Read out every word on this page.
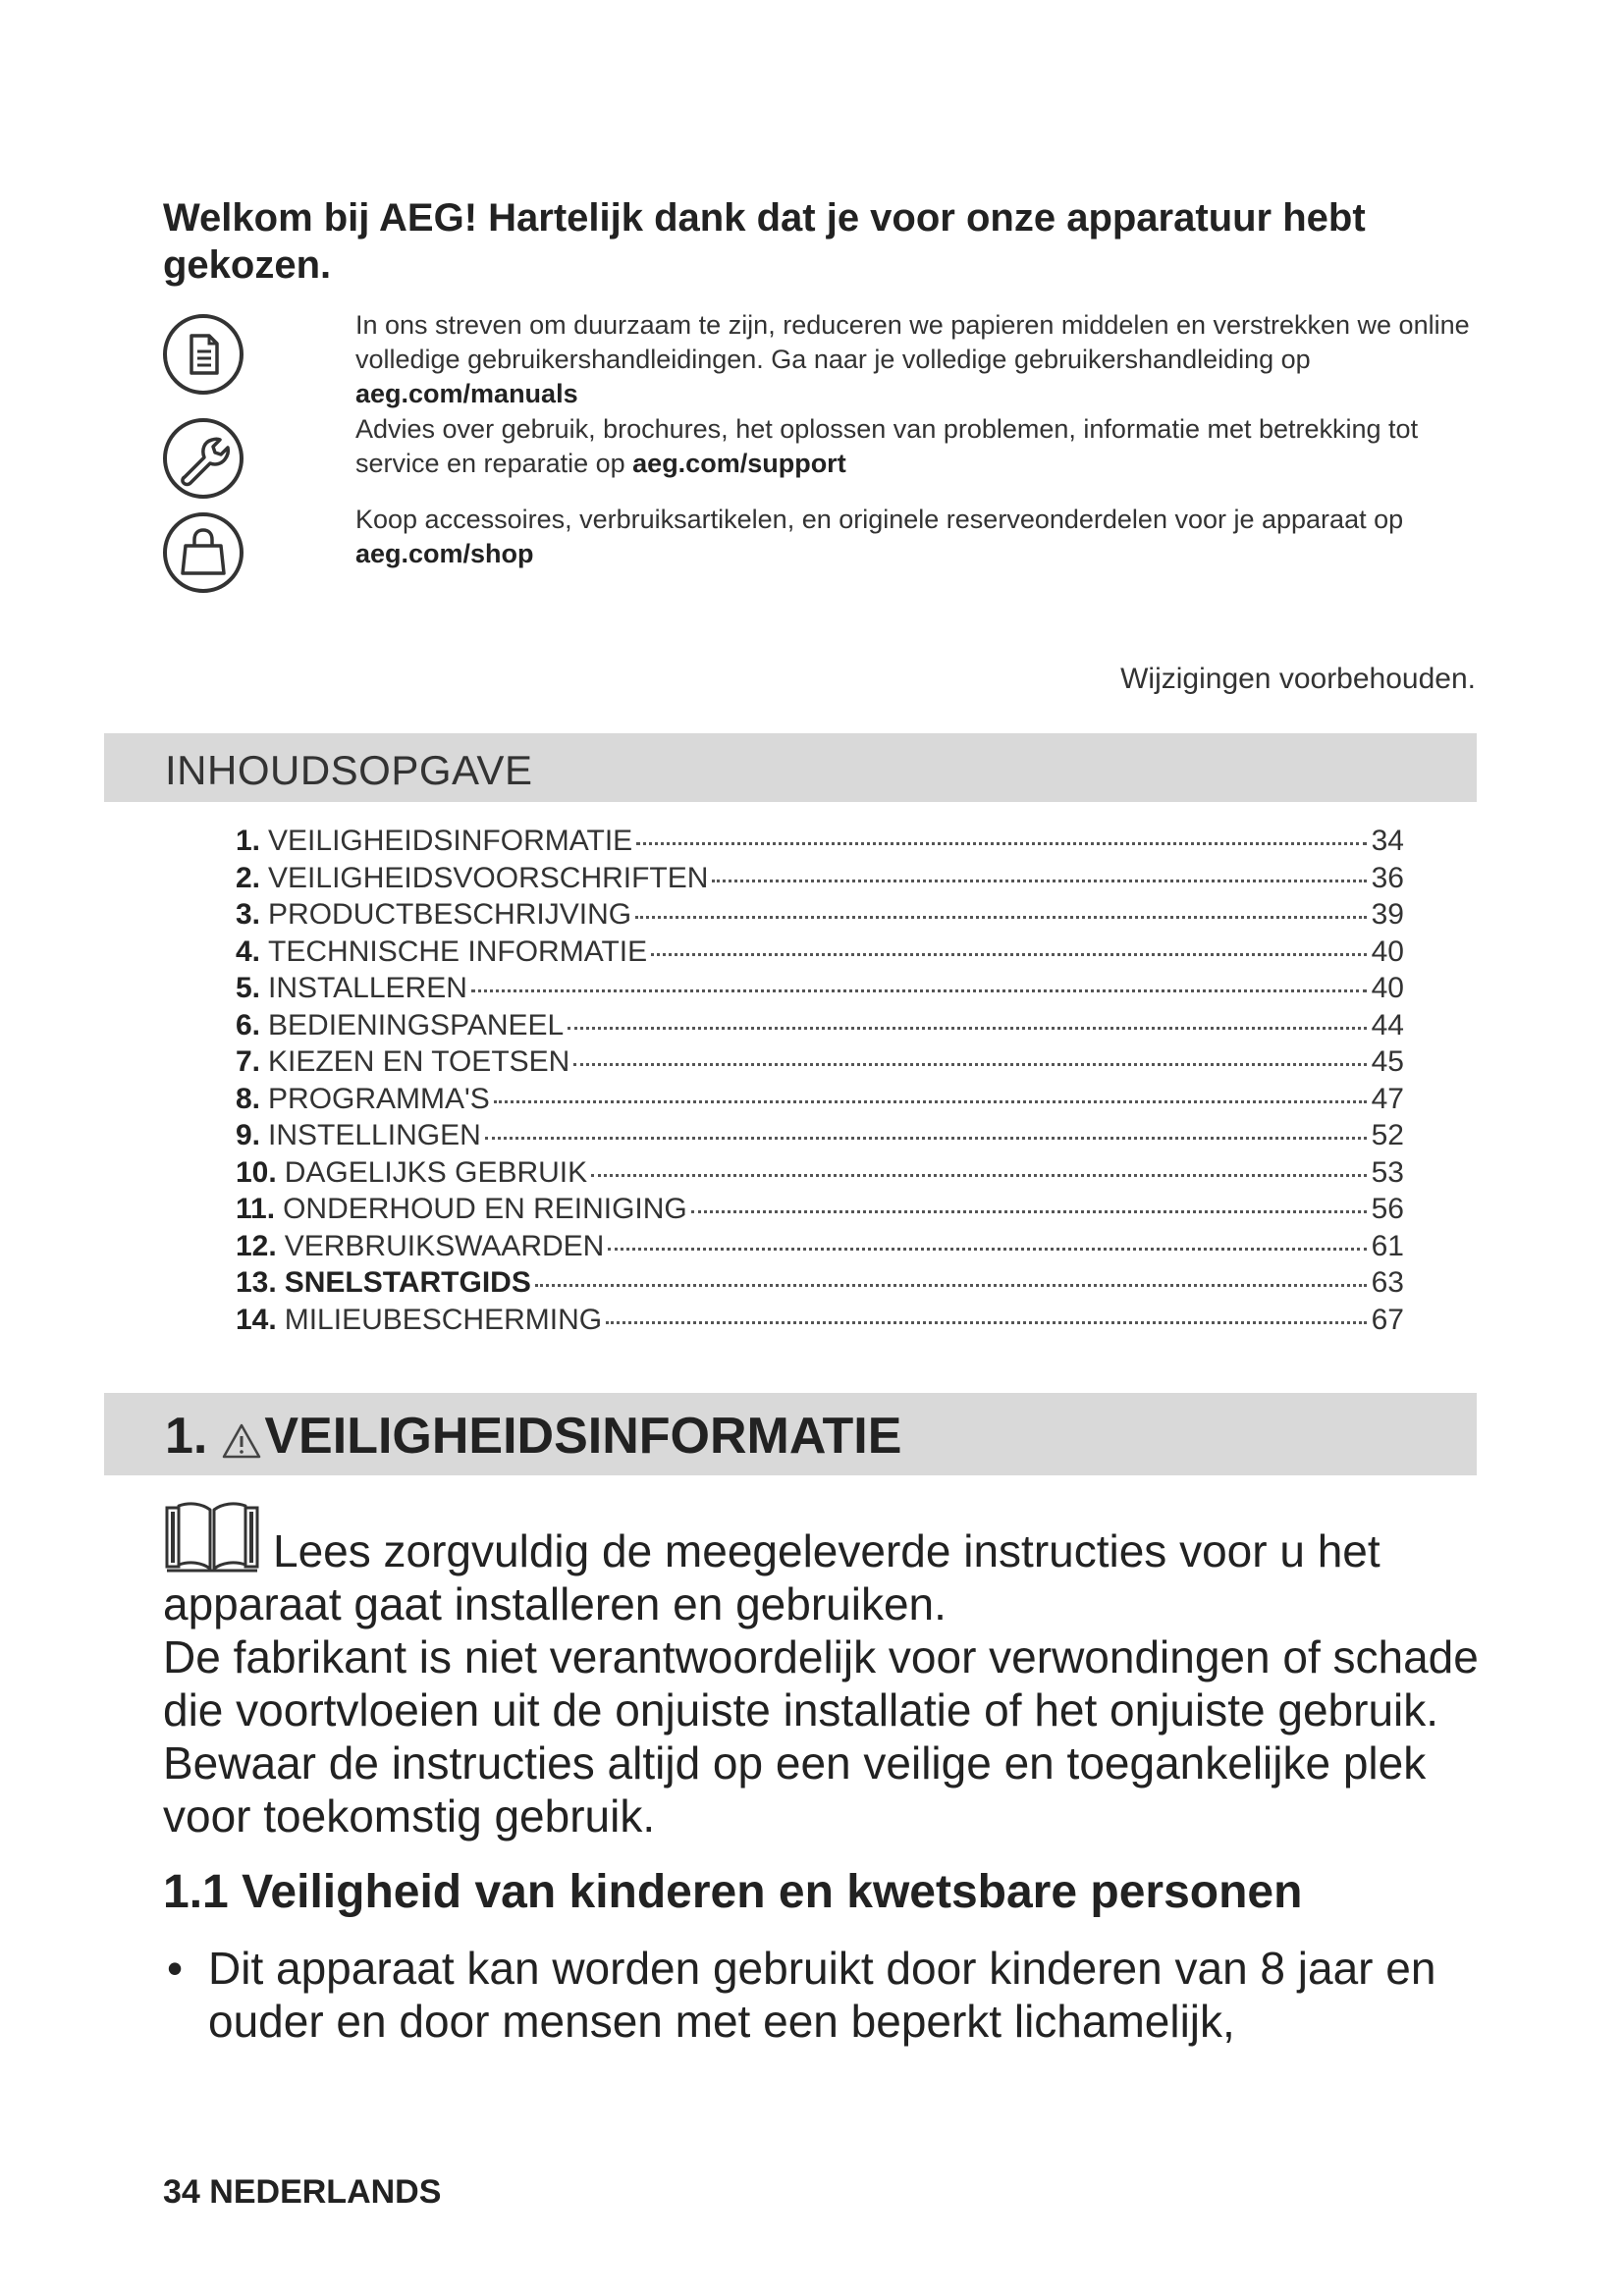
Welkom bij AEG! Hartelijk dank dat je voor onze apparatuur hebt gekozen.
In ons streven om duurzaam te zijn, reduceren we papieren middelen en verstrekken we online volledige gebruikershandleidingen. Ga naar je volledige gebruikershandleiding op aeg.com/manuals
Advies over gebruik, brochures, het oplossen van problemen, informatie met betrekking tot service en reparatie op aeg.com/support
Koop accessoires, verbruiksartikelen, en originele reserveonderdelen voor je apparaat op aeg.com/shop
Wijzigingen voorbehouden.
INHOUDSOPGAVE
1. VEILIGHEIDSINFORMATIE	34
2. VEILIGHEIDSVOORSCHRIFTEN	36
3. PRODUCTBESCHRIJVING	39
4. TECHNISCHE INFORMATIE	40
5. INSTALLEREN	40
6. BEDIENINGSPANEEL	44
7. KIEZEN EN TOETSEN	45
8. PROGRAMMA'S	47
9. INSTELLINGEN	52
10. DAGELIJKS GEBRUIK	53
11. ONDERHOUD EN REINIGING	56
12. VERBRUIKSWAARDEN	61
13. SNELSTARTGIDS	63
14. MILIEUBESCHERMING	67
1. VEILIGHEIDSINFORMATIE
Lees zorgvuldig de meegeleverde instructies voor u het apparaat gaat installeren en gebruiken.
De fabrikant is niet verantwoordelijk voor verwondingen of schade die voortvloeien uit de onjuiste installatie of het onjuiste gebruik. Bewaar de instructies altijd op een veilige en toegankelijke plek voor toekomstig gebruik.
1.1 Veiligheid van kinderen en kwetsbare personen
• Dit apparaat kan worden gebruikt door kinderen van 8 jaar en ouder en door mensen met een beperkt lichamelijk,
34 NEDERLANDS
